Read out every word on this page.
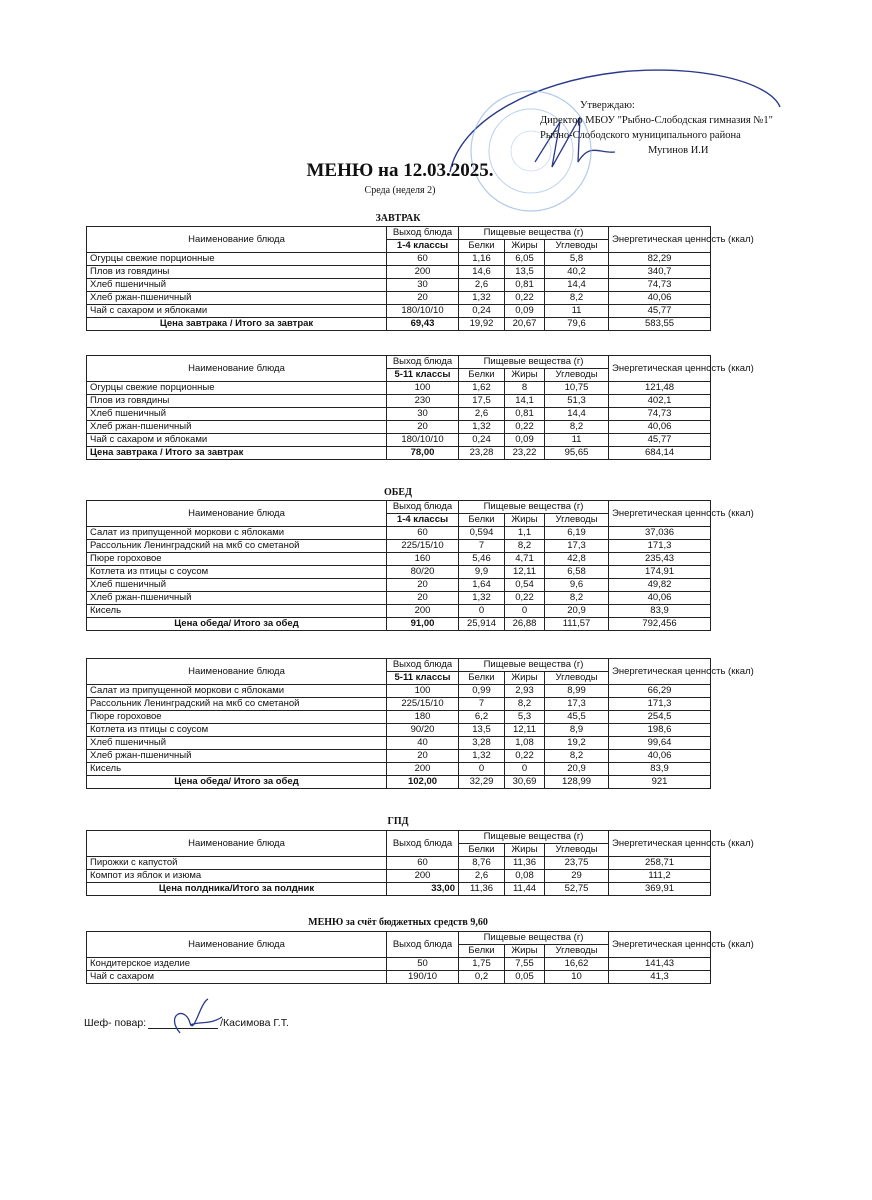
Утверждаю:
Директор МБОУ "Рыбно-Слободская гимназия №1"
Рыбно-Слободского муниципального района
Мугинов И.И
МЕНЮ на 12.03.2025.
Среда (неделя 2)
ЗАВТРАК
Наименование блюда	Выход блюда	Пищевые вещества (г)			Энергетическая ценность (ккал)
	1-4 классы	Белки	Жиры	Углеводы	
Огурцы свежие порционные	60	1,16	6,05	5,8	82,29
Плов из говядины	200	14,6	13,5	40,2	340,7
Хлеб пшеничный	30	2,6	0,81	14,4	74,73
Хлеб ржан-пшеничный	20	1,32	0,22	8,2	40,06
Чай с сахаром и яблоками	180/10/10	0,24	0,09	11	45,77
Цена завтрака / Итого за завтрак	69,43	19,92	20,67	79,6	583,55
Наименование блюда	Выход блюда	Пищевые вещества (г)			Энергетическая ценность (ккал)
	5-11 классы	Белки	Жиры	Углеводы	
Огурцы свежие порционные	100	1,62	8	10,75	121,48
Плов из говядины	230	17,5	14,1	51,3	402,1
Хлеб пшеничный	30	2,6	0,81	14,4	74,73
Хлеб ржан-пшеничный	20	1,32	0,22	8,2	40,06
Чай с сахаром и яблоками	180/10/10	0,24	0,09	11	45,77
Цена завтрака / Итого за завтрак	78,00	23,28	23,22	95,65	684,14
ОБЕД
Наименование блюда	Выход блюда	Пищевые вещества (г)			Энергетическая ценность (ккал)
	1-4 классы	Белки	Жиры	Углеводы	
Салат из припущенной моркови с яблоками	60	0,594	1,1	6,19	37,036
Рассольник Ленинградский на мкб со сметаной	225/15/10	7	8,2	17,3	171,3
Пюре гороховое	160	5,46	4,71	42,8	235,43
Котлета из птицы с соусом	80/20	9,9	12,11	6,58	174,91
Хлеб пшеничный	20	1,64	0,54	9,6	49,82
Хлеб ржан-пшеничный	20	1,32	0,22	8,2	40,06
Кисель	200	0	0	20,9	83,9
Цена обеда/ Итого за обед	91,00	25,914	26,88	111,57	792,456
Наименование блюда	Выход блюда	Пищевые вещества (г)			Энергетическая ценность (ккал)
	5-11 классы	Белки	Жиры	Углеводы	
Салат из припущенной моркови с яблоками	100	0,99	2,93	8,99	66,29
Рассольник Ленинградский на мкб со сметаной	225/15/10	7	8,2	17,3	171,3
Пюре гороховое	180	6,2	5,3	45,5	254,5
Котлета из птицы с соусом	90/20	13,5	12,11	8,9	198,6
Хлеб пшеничный	40	3,28	1,08	19,2	99,64
Хлеб ржан-пшеничный	20	1,32	0,22	8,2	40,06
Кисель	200	0	0	20,9	83,9
Цена обеда/ Итого за обед	102,00	32,29	30,69	128,99	921
ГПД
Наименование блюда	Выход блюда	Пищевые вещества (г)			Энергетическая ценность (ккал)
		Белки	Жиры	Углеводы	
Пирожки с капустой	60	8,76	11,36	23,75	258,71
Компот из яблок и изюма	200	2,6	0,08	29	111,2
Цена полдника/Итого за полдник	33,00	11,36	11,44	52,75	369,91
МЕНЮ за счёт бюджетных средств 9,60
Наименование блюда	Выход блюда	Пищевые вещества (г)			Энергетическая ценность (ккал)
		Белки	Жиры	Углеводы	
Кондитерское изделие	50	1,75	7,55	16,62	141,43
Чай с сахаром	190/10	0,2	0,05	10	41,3
Шеф- повар:	/Касимова Г.Т.
